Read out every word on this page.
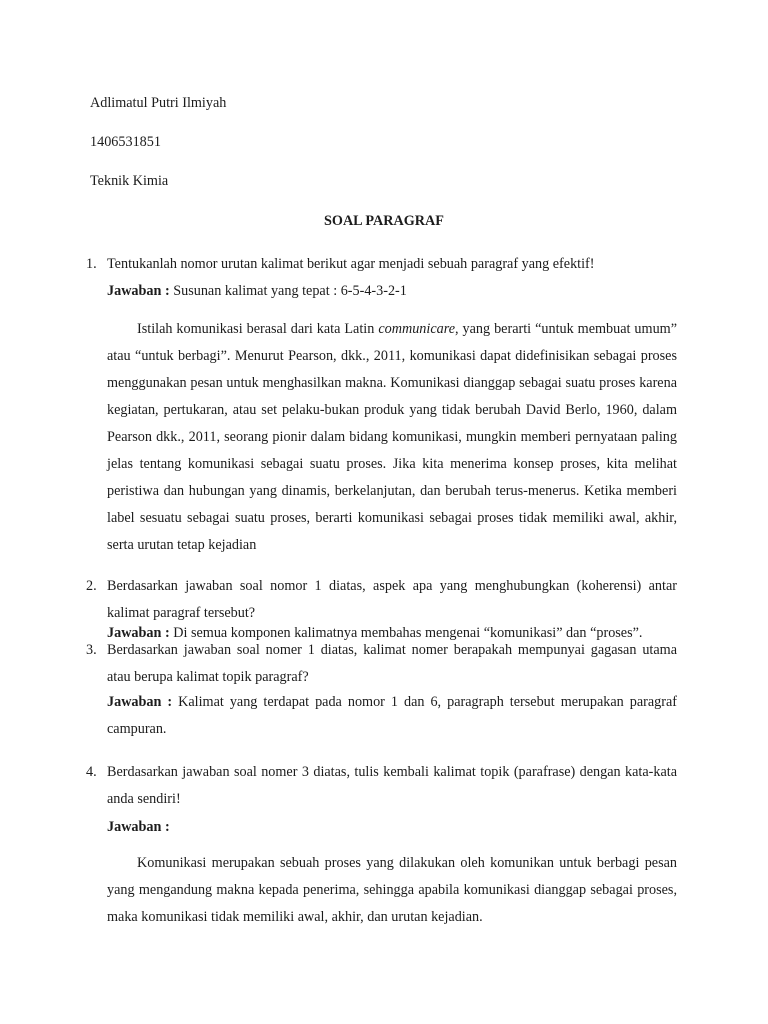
Adlimatul Putri Ilmiyah
1406531851
Teknik Kimia
SOAL PARAGRAF
1. Tentukanlah nomor urutan kalimat berikut agar menjadi sebuah paragraf yang efektif!
Jawaban : Susunan kalimat yang tepat : 6-5-4-3-2-1
Istilah komunikasi berasal dari kata Latin communicare, yang berarti “untuk membuat umum” atau “untuk berbagi”. Menurut Pearson, dkk., 2011, komunikasi dapat didefinisikan sebagai proses menggunakan pesan untuk menghasilkan makna. Komunikasi dianggap sebagai suatu proses karena kegiatan, pertukaran, atau set pelaku-bukan produk yang tidak berubah David Berlo, 1960, dalam Pearson dkk., 2011, seorang pionir dalam bidang komunikasi, mungkin memberi pernyataan paling jelas tentang komunikasi sebagai suatu proses. Jika kita menerima konsep proses, kita melihat peristiwa dan hubungan yang dinamis, berkelanjutan, dan berubah terus-menerus. Ketika memberi label sesuatu sebagai suatu proses, berarti komunikasi sebagai proses tidak memiliki awal, akhir, serta urutan tetap kejadian
2. Berdasarkan jawaban soal nomor 1 diatas, aspek apa yang menghubungkan (koherensi) antar kalimat paragraf tersebut?
Jawaban : Di semua komponen kalimatnya membahas mengenai “komunikasi” dan “proses”.
3. Berdasarkan jawaban soal nomer 1 diatas, kalimat nomer berapakah mempunyai gagasan utama atau berupa kalimat topik paragraf?
Jawaban : Kalimat yang terdapat pada nomor 1 dan 6, paragraph tersebut merupakan paragraf campuran.
4. Berdasarkan jawaban soal nomer 3 diatas, tulis kembali kalimat topik (parafrase) dengan kata-kata anda sendiri!
Jawaban :
Komunikasi merupakan sebuah proses yang dilakukan oleh komunikan untuk berbagi pesan yang mengandung makna kepada penerima, sehingga apabila komunikasi dianggap sebagai proses, maka komunikasi tidak memiliki awal, akhir, dan urutan kejadian.
